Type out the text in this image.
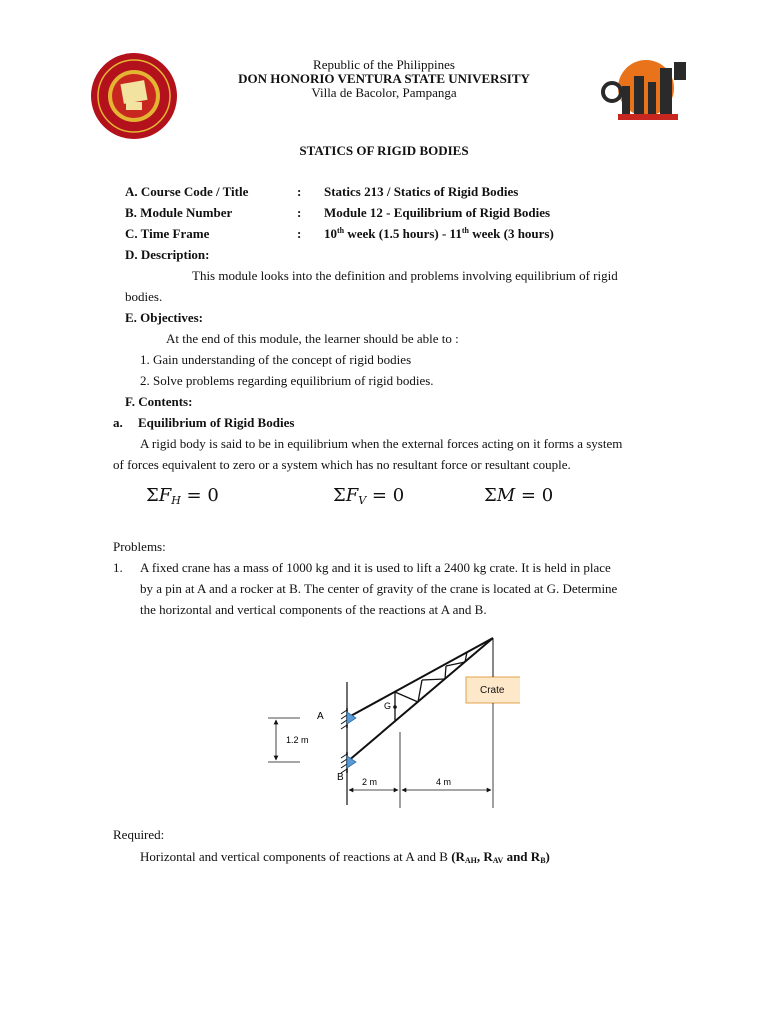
Republic of the Philippines
DON HONORIO VENTURA STATE UNIVERSITY
Villa de Bacolor, Pampanga
STATICS OF RIGID BODIES
A. Course Code / Title	:	Statics 213 / Statics of Rigid Bodies
B. Module Number	:	Module 12 - Equilibrium of Rigid Bodies
C. Time Frame	:	10th week (1.5 hours) - 11th week (3 hours)
D. Description:
This module looks into the definition and problems involving equilibrium of rigid
bodies.
E. Objectives:
At the end of this module, the learner should be able to :
1. Gain understanding of the concept of rigid bodies
2. Solve problems regarding equilibrium of rigid bodies.
F. Contents:
a. Equilibrium of Rigid Bodies
A rigid body is said to be in equilibrium when the external forces acting on it forms a system
of forces equivalent to zero or a system which has no resultant force or resultant couple.
$\Sigma F_H = 0$	$\Sigma F_V = 0$	ΣM = 0
Problems:
1. A fixed crane has a mass of 1000 kg and it is used to lift a 2400 kg crate. It is held in place
by a pin at A and a rocker at B. The center of gravity of the crane is located at G. Determine
the horizontal and vertical components of the reactions at A and B.
A
B
G
Crate
1.2 m
2 m	4 m
Required:
Horizontal and vertical components of reactions at A and B ($R_{AH}$, $R_{AV}$ and $R_B$)
